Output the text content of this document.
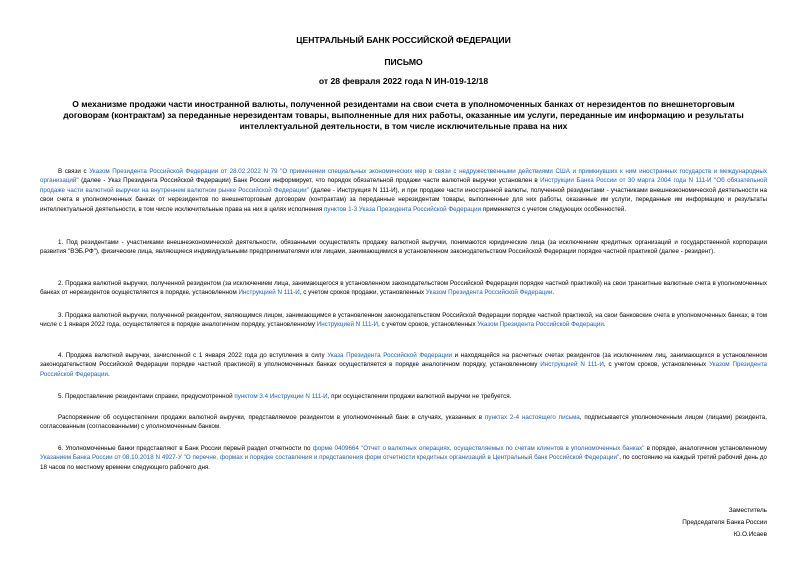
ЦЕНТРАЛЬНЫЙ БАНК РОССИЙСКОЙ ФЕДЕРАЦИИ
ПИСЬМО
от 28 февраля 2022 года N ИН-019-12/18
О механизме продажи части иностранной валюты, полученной резидентами на свои счета в уполномоченных банках от нерезидентов по внешнеторговым договорам (контрактам) за переданные нерезидентам товары, выполненные для них работы, оказанные им услуги, переданные им информацию и результаты интеллектуальной деятельности, в том числе исключительные права на них

В связи с Указом Президента Российской Федерации от 28.02.2022 N 79 "О применении специальных экономических мер в связи с недружественными действиями США и примкнувших к ним иностранных государств и международных организаций" (далее - Указ Президента Российской Федерации) Банк России информирует, что порядок обязательной продажи части валютной выручки установлен в Инструкции Банка России от 30 марта 2004 года N 111-И "Об обязательной продаже части валютной выручки на внутреннем валютном рынке Российской Федерации" (далее - Инструкция N 111-И), и при продаже части иностранной валюты, полученной резидентами - участниками внешнеэкономической деятельности на свои счета в уполномоченных банках от нерезидентов по внешнеторговым договорам (контрактам) за переданные нерезидентам товары, выполненные для них работы, оказанные им услуги, переданные им информацию и результаты интеллектуальной деятельности, в том числе исключительные права на них в целях исполнения пунктов 1-3 Указа Президента Российской Федерации применяется с учетом следующих особенностей.

1. Под резидентами - участниками внешнеэкономической деятельности, обязанными осуществлять продажу валютной выручки, понимаются юридические лица (за исключением кредитных организаций и государственной корпорации развития "ВЭБ.РФ"), физические лица, являющиеся индивидуальными предпринимателями или лицами, занимающимися в установленном законодательством Российской Федерации порядке частной практикой (далее - резидент).

2. Продажа валютной выручки, полученной резидентом (за исключением лица, занимающегося в установленном законодательством Российской Федерации порядке частной практикой) на свои транзитные валютные счета в уполномоченных банках от нерезидентов осуществляется в порядке, установленном Инструкцией N 111-И, с учетом сроков продажи, установленных Указом Президента Российской Федерации.

3. Продажа валютной выручки, полученной резидентом, являющимся лицом, занимающимся в установленном законодательством Российской Федерации порядке частной практикой, на свои банковские счета в уполномоченных банках, в том числе с 1 января 2022 года, осуществляется в порядке аналогичном порядку, установленному Инструкцией N 111-И, с учетом сроков, установленных Указом Президента Российской Федерации.

4. Продажа валютной выручки, зачисленной с 1 января 2022 года до вступления в силу Указа Президента Российской Федерации и находящейся на расчетных счетах резидентов (за исключением лиц, занимающихся в установленном законодательством Российской Федерации порядке частной практикой) в уполномоченных банках осуществляется в порядке аналогичном порядку, установленному Инструкцией N 111-И, с учетом сроков, установленных Указом Президента Российской Федерации.

5. Предоставление резидентами справки, предусмотренной пунктом 3.4 Инструкции N 111-И, при осуществлении продажи валютной выручки не требуется.

Распоряжение об осуществлении продажи валютной выручки, представляемое резидентом в уполномоченный банк в случаях, указанных в пунктах 2-4 настоящего письма, подписывается уполномоченным лицом (лицами) резидента, согласованным (согласованными) с уполномоченным банком.

6. Уполномоченные банки представляют в Банк России первый раздел отчетности по форме 0409664 "Отчет о валютных операциях, осуществляемых по счетам клиентов в уполномоченных банках" в порядке, аналогичном установленному Указанием Банка России от 08.10.2018 N 4927-У "О перечне, формах и порядке составления и представления форм отчетности кредитных организаций в Центральный банк Российской Федерации", по состоянию на каждый третий рабочий день до 18 часов по местному времени следующего рабочего дня.

Заместитель
Председателя Банка России
Ю.О.Исаев
